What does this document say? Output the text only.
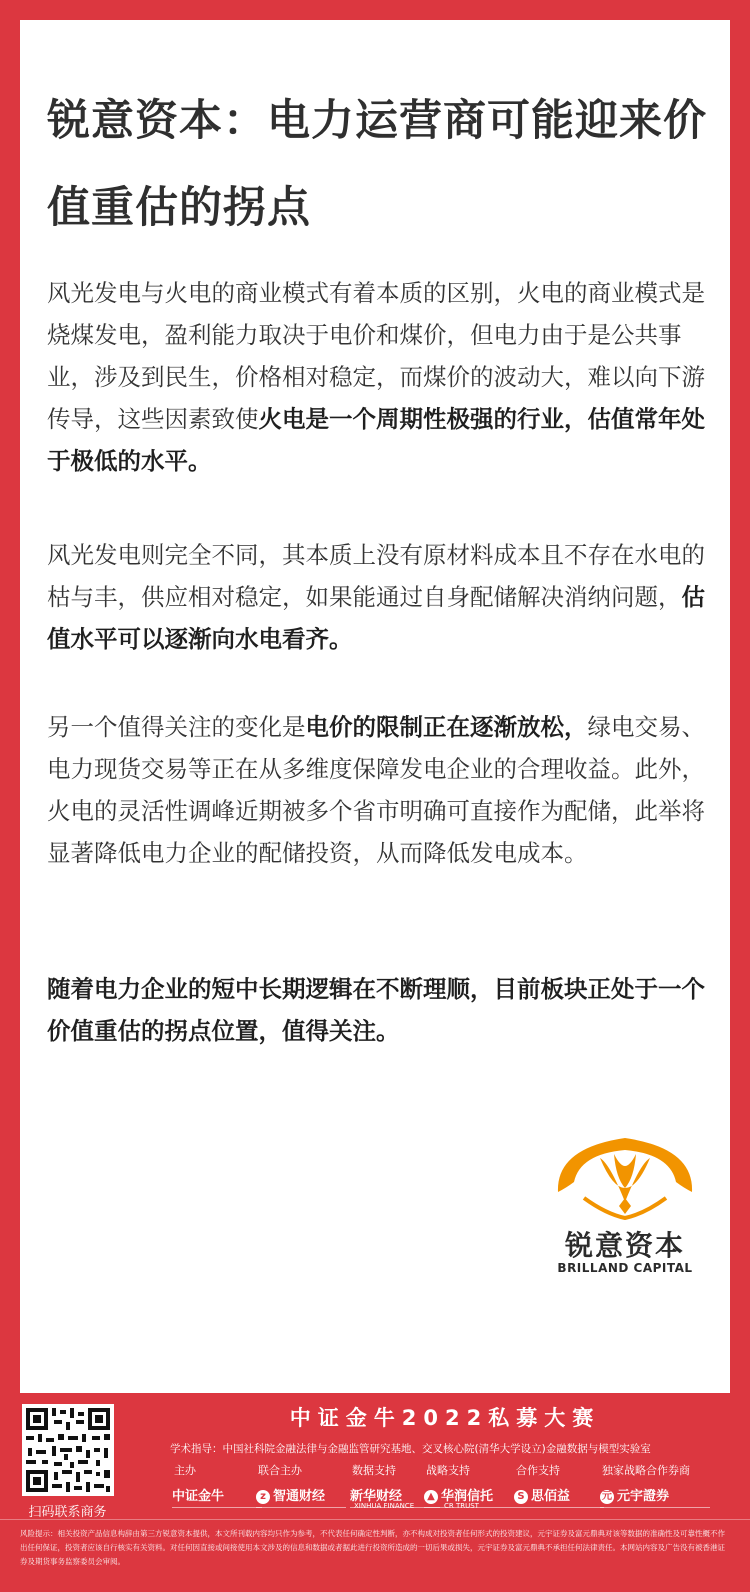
锐意资本：电力运营商可能迎来价值重估的拐点

风光发电与火电的商业模式有着本质的区别，火电的商业模式是烧煤发电，盈利能力取决于电价和煤价，但电力由于是公共事业，涉及到民生，价格相对稳定，而煤价的波动大，难以向下游传导，这些因素致使火电是一个周期性极强的行业，估值常年处于极低的水平。

风光发电则完全不同，其本质上没有原材料成本且不存在水电的枯与丰，供应相对稳定，如果能通过自身配储解决消纳问题，估值水平可以逐渐向水电看齐。

另一个值得关注的变化是电价的限制正在逐渐放松，绿电交易、电力现货交易等正在从多维度保障发电企业的合理收益。此外，火电的灵活性调峰近期被多个省市明确可直接作为配储，此举将显著降低电力企业的配储投资，从而降低发电成本。

随着电力企业的短中长期逻辑在不断理顺，目前板块正处于一个价值重估的拐点位置，值得关注。

锐意资本
BRILLAND CAPITAL
扫码联系商务
中证金牛2022私募大赛
学术指导：中国社科院金融法律与金融监管研究基地、交叉核心院(清华大学设立)金融数据与模型实验室
主办
中证金牛
联合主办
z 智通财经
数据支持
新华财经
XINHUA FINANCE
战略支持
▲ 华润信托
CR TRUST
合作支持
S 思佰益
独家战略合作券商
元 元宇證券
风险提示：相关投资产品信息构辞由第三方锐意资本提供，本文所刊载内容均只作为参考，不代表任何确定性判断，亦不构成对投资者任何形式的投资建议，元宇证券及富元鼎典对该等数据的准确性及可靠性概不作出任何保证，投资者应该自行核实有关资料。对任何因直接或间接使用本文涉及的信息和数据或者据此进行投资所造成的一切后果或损失，元宇证券及富元鼎典不承担任何法律责任。本网站内容及广告没有被香港证券及期货事务监察委员会审阅。
